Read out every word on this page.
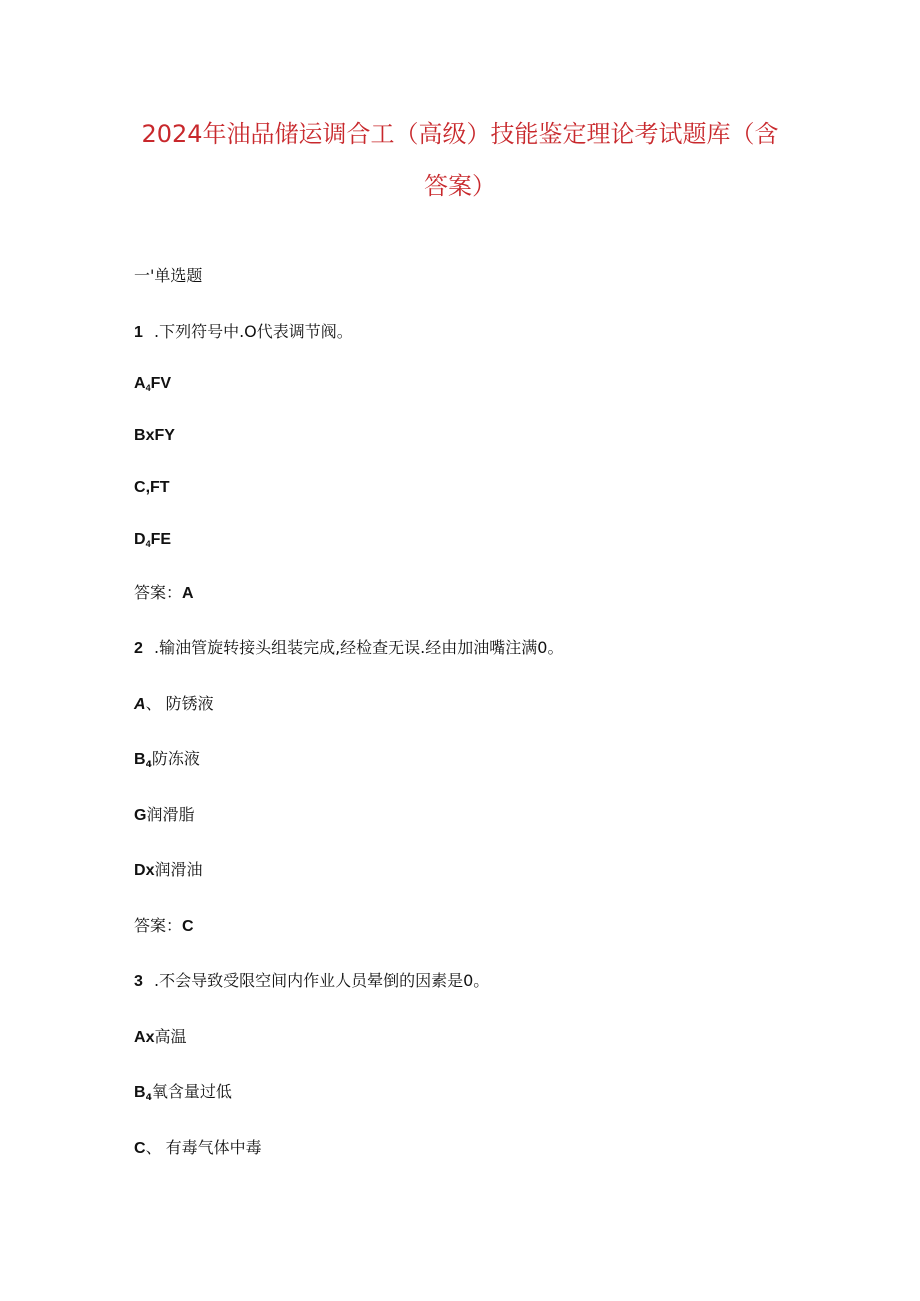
2024年油品储运调合工（高级）技能鉴定理论考试题库（含
答案）
一'单选题
1 .下列符号中.O代表调节阀。
A4FV
BxFY
C,FT
D4FE
答案：A
2 .输油管旋转接头组装完成,经检查无误.经由加油嘴注满0。
A、 防锈液
B4防冻液
G润滑脂
Dx润滑油
答案：C
3 .不会导致受限空间内作业人员晕倒的因素是0。
Ax高温
B4氧含量过低
C、 有毒气体中毒
